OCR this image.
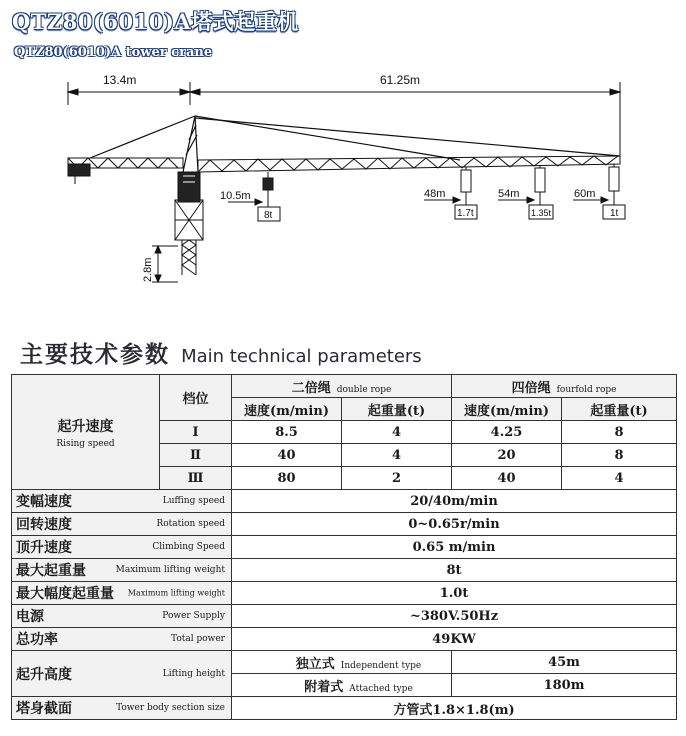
QTZ80(6010)A塔式起重机
QTZ80(6010)A tower crane
13.4m	61.25m
10.5m
8t
48m
1.7t
54m
1.35t
60m
1t
2.8m
主要技术参数 Main technical parameters
起升速度
Rising speed	档位	二倍绳 double rope		四倍绳 fourfold rope	
		速度(m/min)	起重量(t)	速度(m/min)	起重量(t)
	Ⅰ	8.5	4	4.25	8
	Ⅱ	40	4	20	8
	Ⅲ	80	2	40	4
变幅速度 Luffing speed		20/40m/min			
回转速度 Rotation speed		0~0.65r/min			
顶升速度 Climbing Speed		0.65 m/min			
最大起重量 Maximum lifting weight		8t			
最大幅度起重量 Maximum lifting weight		1.0t			
电源 Power Supply		~380V.50Hz			
总功率 Total power		49KW			
起升高度 Lifting height		独立式 Independent type		45m	
		附着式 Attached type		180m	
塔身截面 Tower body section size		方管式1.8×1.8(m)			
